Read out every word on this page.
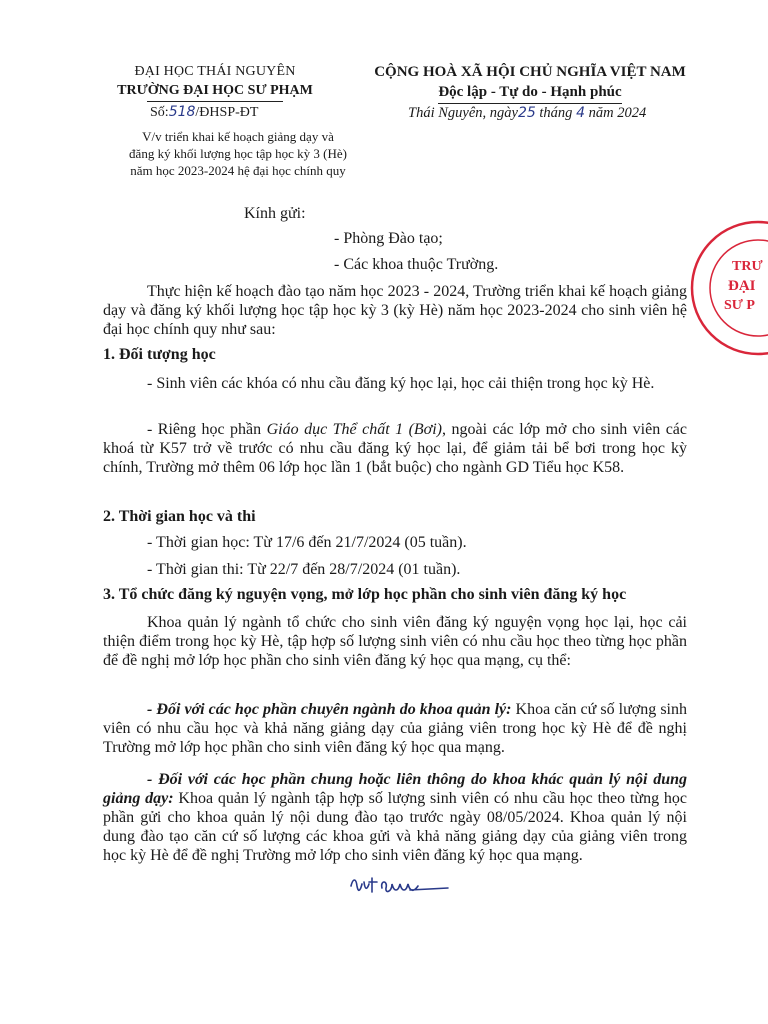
ĐẠI HỌC THÁI NGUYÊN
TRƯỜNG ĐẠI HỌC SƯ PHẠM
CỘNG HOÀ XÃ HỘI CHỦ NGHĨA VIỆT NAM
Độc lập - Tự do - Hạnh phúc
Số:518/ĐHSP-ĐT	Thái Nguyên, ngày25 tháng 4 năm 2024
V/v triển khai kế hoạch giảng dạy và
đăng ký khối lượng học tập học kỳ 3 (Hè)
năm học 2023-2024 hệ đại học chính quy
Kính gửi:
- Phòng Đào tạo;
- Các khoa thuộc Trường.
Thực hiện kế hoạch đào tạo năm học 2023 - 2024, Trường triển khai kế hoạch giảng dạy và đăng ký khối lượng học tập học kỳ 3 (kỳ Hè) năm học 2023-2024 cho sinh viên hệ đại học chính quy như sau:
1. Đối tượng học
- Sinh viên các khóa có nhu cầu đăng ký học lại, học cải thiện trong học kỳ Hè.
- Riêng học phần Giáo dục Thể chất 1 (Bơi), ngoài các lớp mở cho sinh viên các khoá từ K57 trở về trước có nhu cầu đăng ký học lại, để giảm tải bể bơi trong học kỳ chính, Trường mở thêm 06 lớp học lần 1 (bắt buộc) cho ngành GD Tiểu học K58.
2. Thời gian học và thi
- Thời gian học: Từ 17/6 đến 21/7/2024 (05 tuần).
- Thời gian thi: Từ 22/7 đến 28/7/2024 (01 tuần).
3. Tổ chức đăng ký nguyện vọng, mở lớp học phần cho sinh viên đăng ký học
Khoa quản lý ngành tổ chức cho sinh viên đăng ký nguyện vọng học lại, học cải thiện điểm trong học kỳ Hè, tập hợp số lượng sinh viên có nhu cầu học theo từng học phần để đề nghị mở lớp học phần cho sinh viên đăng ký học qua mạng, cụ thể:
- Đối với các học phần chuyên ngành do khoa quản lý: Khoa căn cứ số lượng sinh viên có nhu cầu học và khả năng giảng dạy của giảng viên trong học kỳ Hè để đề nghị Trường mở lớp học phần cho sinh viên đăng ký học qua mạng.
- Đối với các học phần chung hoặc liên thông do khoa khác quản lý nội dung giảng dạy: Khoa quản lý ngành tập hợp số lượng sinh viên có nhu cầu học theo từng học phần gửi cho khoa quản lý nội dung đào tạo trước ngày 08/05/2024. Khoa quản lý nội dung đào tạo căn cứ số lượng các khoa gửi và khả năng giảng dạy của giảng viên trong học kỳ Hè để đề nghị Trường mở lớp cho sinh viên đăng ký học qua mạng.
TRƯ
ĐẠI
SƯ P
